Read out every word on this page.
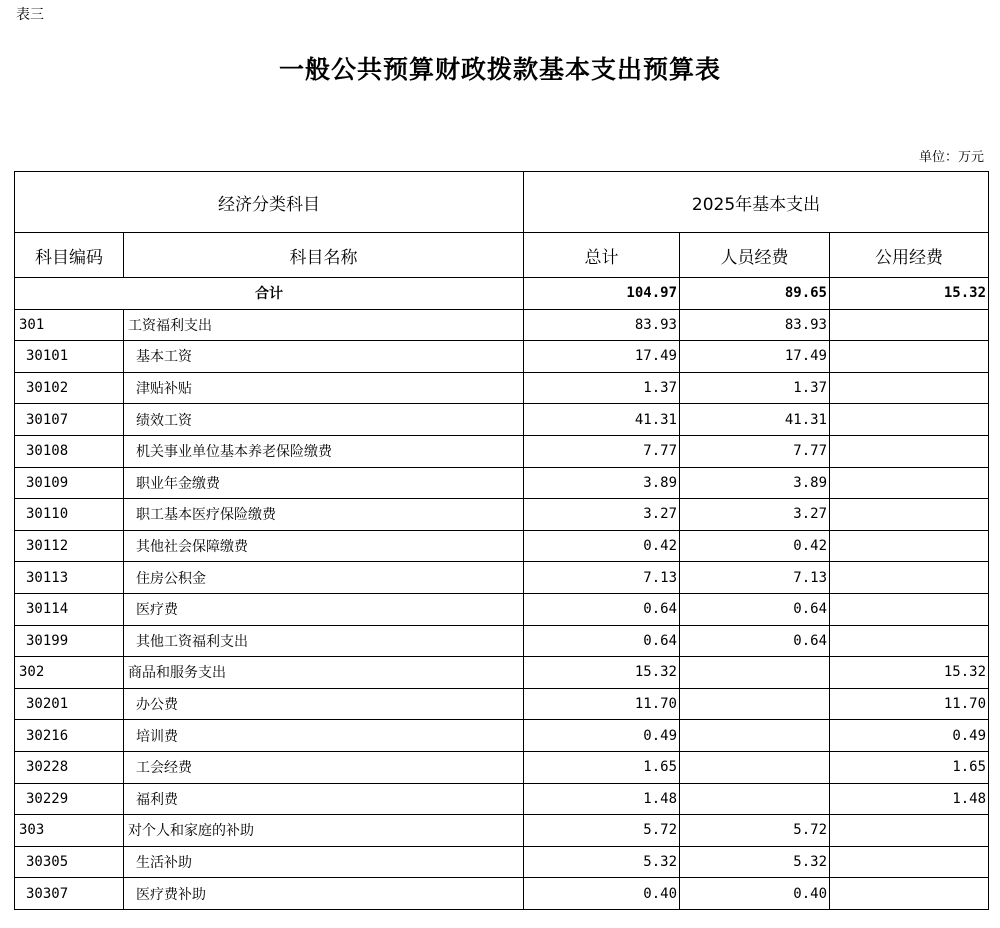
表三
一般公共预算财政拨款基本支出预算表
单位：万元
经济分类科目		2025年基本支出		
科目编码	科目名称	总计	人员经费	公用经费
合计		104.97	89.65	15.32
301	工资福利支出	83.93	83.93	
30101	基本工资	17.49	17.49	
30102	津贴补贴	1.37	1.37	
30107	绩效工资	41.31	41.31	
30108	机关事业单位基本养老保险缴费	7.77	7.77	
30109	职业年金缴费	3.89	3.89	
30110	职工基本医疗保险缴费	3.27	3.27	
30112	其他社会保障缴费	0.42	0.42	
30113	住房公积金	7.13	7.13	
30114	医疗费	0.64	0.64	
30199	其他工资福利支出	0.64	0.64	
302	商品和服务支出	15.32		15.32
30201	办公费	11.70		11.70
30216	培训费	0.49		0.49
30228	工会经费	1.65		1.65
30229	福利费	1.48		1.48
303	对个人和家庭的补助	5.72	5.72	
30305	生活补助	5.32	5.32	
30307	医疗费补助	0.40	0.40	
